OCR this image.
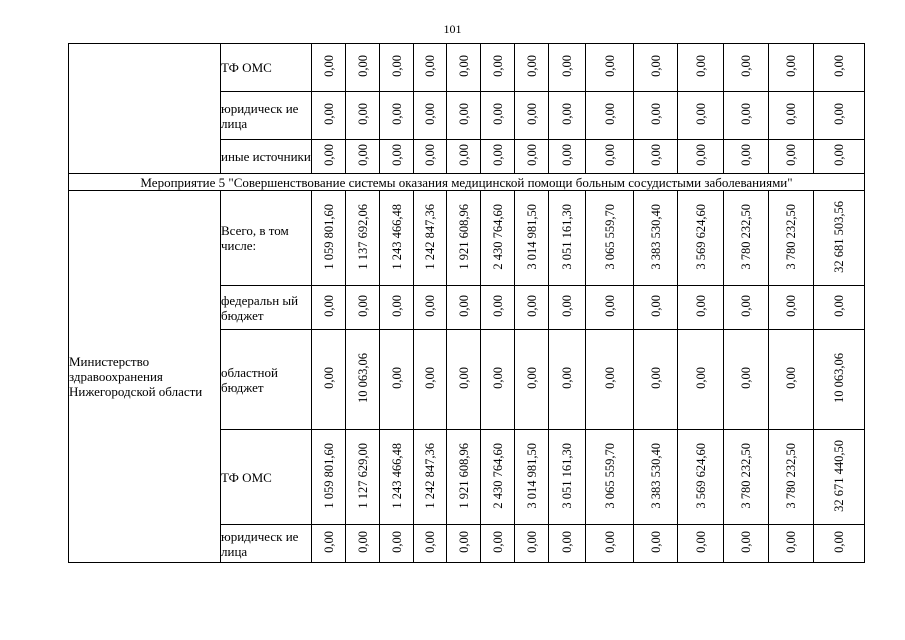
101
	ТФ ОМС	0,00	0,00	0,00	0,00	0,00	0,00	0,00	0,00	0,00	0,00	0,00	0,00	0,00	0,00
	юридическ ие лица	0,00	0,00	0,00	0,00	0,00	0,00	0,00	0,00	0,00	0,00	0,00	0,00	0,00	0,00
	иные источники	0,00	0,00	0,00	0,00	0,00	0,00	0,00	0,00	0,00	0,00	0,00	0,00	0,00	0,00
Мероприятие 5 "Совершенствование системы оказания медицинской помощи больным сосудистыми заболеваниями"															
Министерство здравоохранения Нижегородской области	Всего, в том числе:	1 059 801,60	1 137 692,06	1 243 466,48	1 242 847,36	1 921 608,96	2 430 764,60	3 014 981,50	3 051 161,30	3 065 559,70	3 383 530,40	3 569 624,60	3 780 232,50	3 780 232,50	32 681 503,56
	федеральн ый бюджет	0,00	0,00	0,00	0,00	0,00	0,00	0,00	0,00	0,00	0,00	0,00	0,00	0,00	0,00
	областной бюджет	0,00	10 063,06	0,00	0,00	0,00	0,00	0,00	0,00	0,00	0,00	0,00	0,00	0,00	10 063,06
	ТФ ОМС	1 059 801,60	1 127 629,00	1 243 466,48	1 242 847,36	1 921 608,96	2 430 764,60	3 014 981,50	3 051 161,30	3 065 559,70	3 383 530,40	3 569 624,60	3 780 232,50	3 780 232,50	32 671 440,50
	юридическ ие лица	0,00	0,00	0,00	0,00	0,00	0,00	0,00	0,00	0,00	0,00	0,00	0,00	0,00	0,00
